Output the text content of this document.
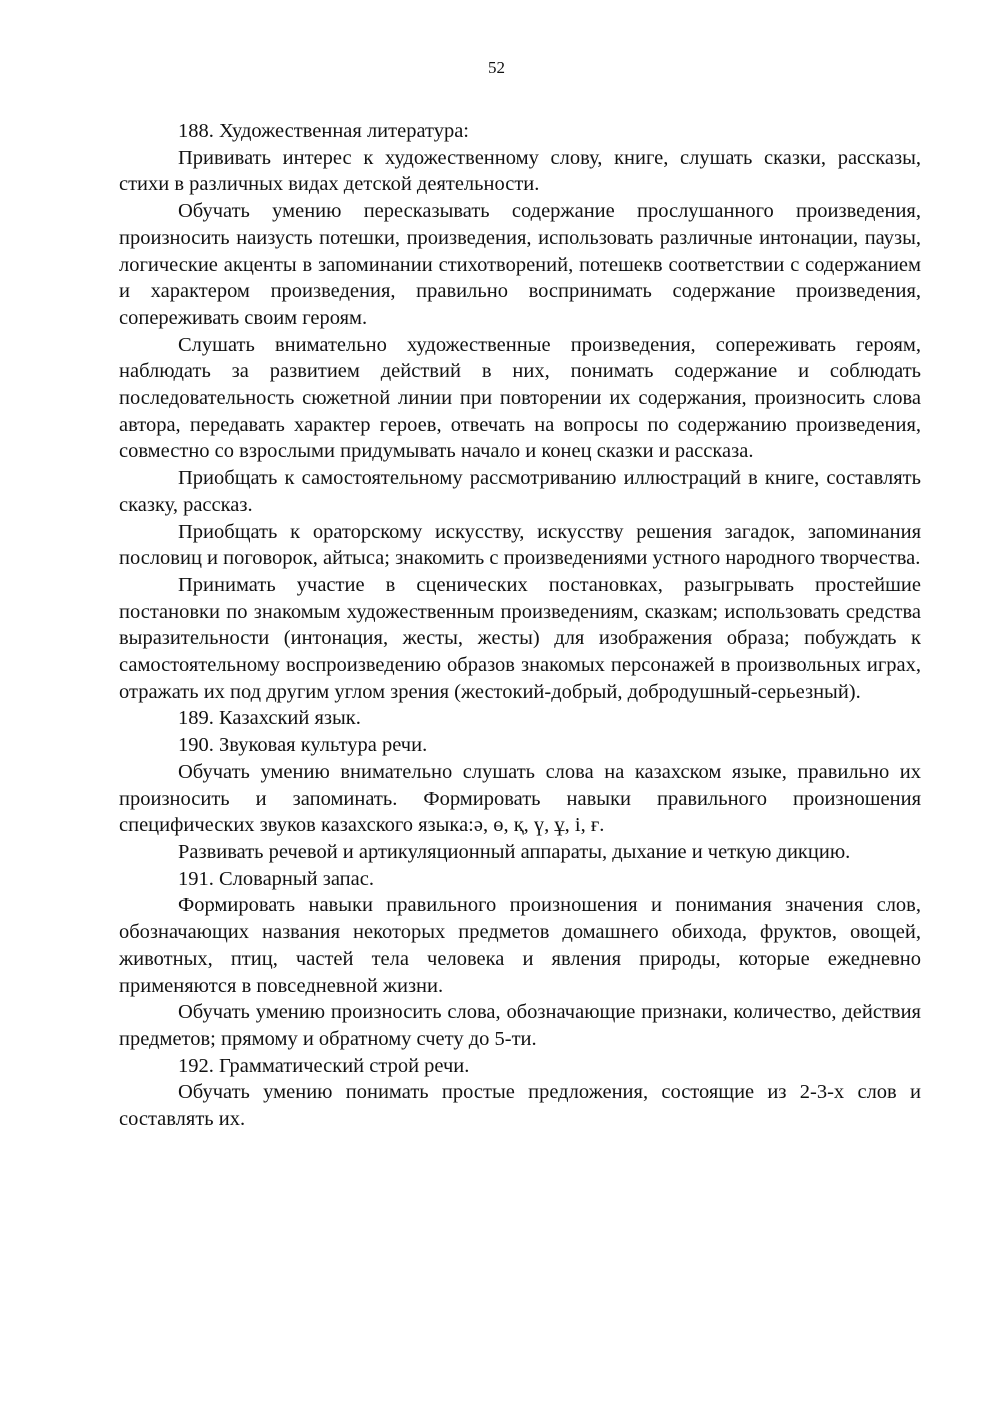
52

188. Художественная литература:

Прививать интерес к художественному слову, книге, слушать сказки, рассказы, стихи в различных видах детской деятельности.

Обучать умению пересказывать содержание прослушанного произведения, произносить наизусть потешки, произведения, использовать различные интонации, паузы, логические акценты в запоминании стихотворений, потешекв соответствии с содержанием и характером произведения, правильно воспринимать содержание произведения, сопереживать своим героям.

Слушать внимательно художественные произведения, сопереживать героям, наблюдать за развитием действий в них, понимать содержание и соблюдать последовательность сюжетной линии при повторении их содержания, произносить слова автора, передавать характер героев, отвечать на вопросы по содержанию произведения, совместно со взрослыми придумывать начало и конец сказки и рассказа.

Приобщать к самостоятельному рассмотриванию иллюстраций в книге, составлять сказку, рассказ.

Приобщать к ораторскому искусству, искусству решения загадок, запоминания пословиц и поговорок, айтыса; знакомить с произведениями устного народного творчества.

Принимать участие в сценических постановках, разыгрывать простейшие постановки по знакомым художественным произведениям, сказкам; использовать средства выразительности (интонация, жесты, жесты) для изображения образа; побуждать к самостоятельному воспроизведению образов знакомых персонажей в произвольных играх, отражать их под другим углом зрения (жестокий-добрый, добродушный-серьезный).

189. Казахский язык.

190. Звуковая культура речи.

Обучать умению внимательно слушать слова на казахском языке, правильно их произносить и запоминать. Формировать навыки правильного произношения специфических звуков казахского языка:ә, ө, қ, ү, ұ, і, ғ.

Развивать речевой и артикуляционный аппараты, дыхание и четкую дикцию.

191. Словарный запас.

Формировать навыки правильного произношения и понимания значения слов, обозначающих названия некоторых предметов домашнего обихода, фруктов, овощей, животных, птиц, частей тела человека и явления природы, которые ежедневно применяются в повседневной жизни.

Обучать умению произносить слова, обозначающие признаки, количество, действия предметов; прямому и обратному счету до 5-ти.

192. Грамматический строй речи.

Обучать умению понимать простые предложения, состоящие из 2-3-х слов и составлять их.
